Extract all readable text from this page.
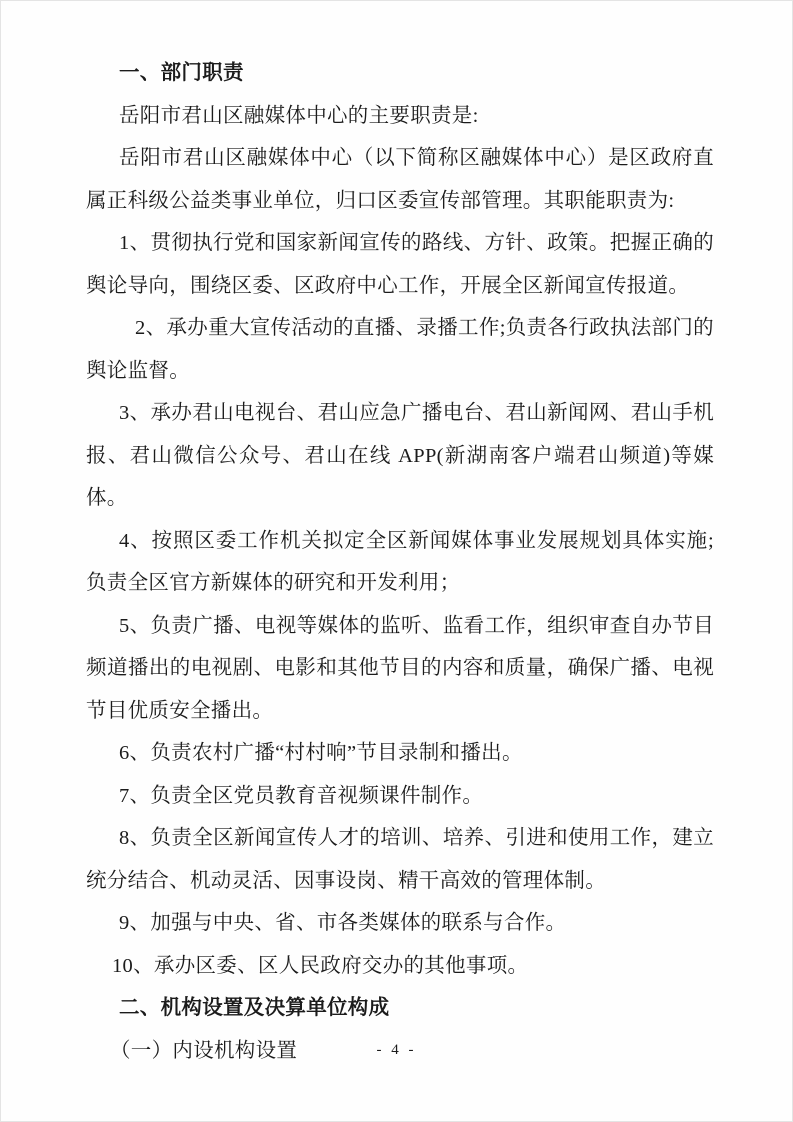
一、部门职责

岳阳市君山区融媒体中心的主要职责是:

岳阳市君山区融媒体中心（以下简称区融媒体中心）是区政府直属正科级公益类事业单位，归口区委宣传部管理。其职能职责为:

1、贯彻执行党和国家新闻宣传的路线、方针、政策。把握正确的舆论导向，围绕区委、区政府中心工作，开展全区新闻宣传报道。

2、承办重大宣传活动的直播、录播工作;负责各行政执法部门的舆论监督。

3、承办君山电视台、君山应急广播电台、君山新闻网、君山手机报、君山微信公众号、君山在线 APP(新湖南客户端君山频道)等媒体。

4、按照区委工作机关拟定全区新闻媒体事业发展规划具体实施;负责全区官方新媒体的研究和开发利用；

5、负责广播、电视等媒体的监听、监看工作，组织审查自办节目频道播出的电视剧、电影和其他节目的内容和质量，确保广播、电视节目优质安全播出。

6、负责农村广播“村村响”节目录制和播出。

7、负责全区党员教育音视频课件制作。

8、负责全区新闻宣传人才的培训、培养、引进和使用工作，建立统分结合、机动灵活、因事设岗、精干高效的管理体制。

9、加强与中央、省、市各类媒体的联系与合作。

10、承办区委、区人民政府交办的其他事项。

二、机构设置及决算单位构成

（一）内设机构设置	- 4 -
